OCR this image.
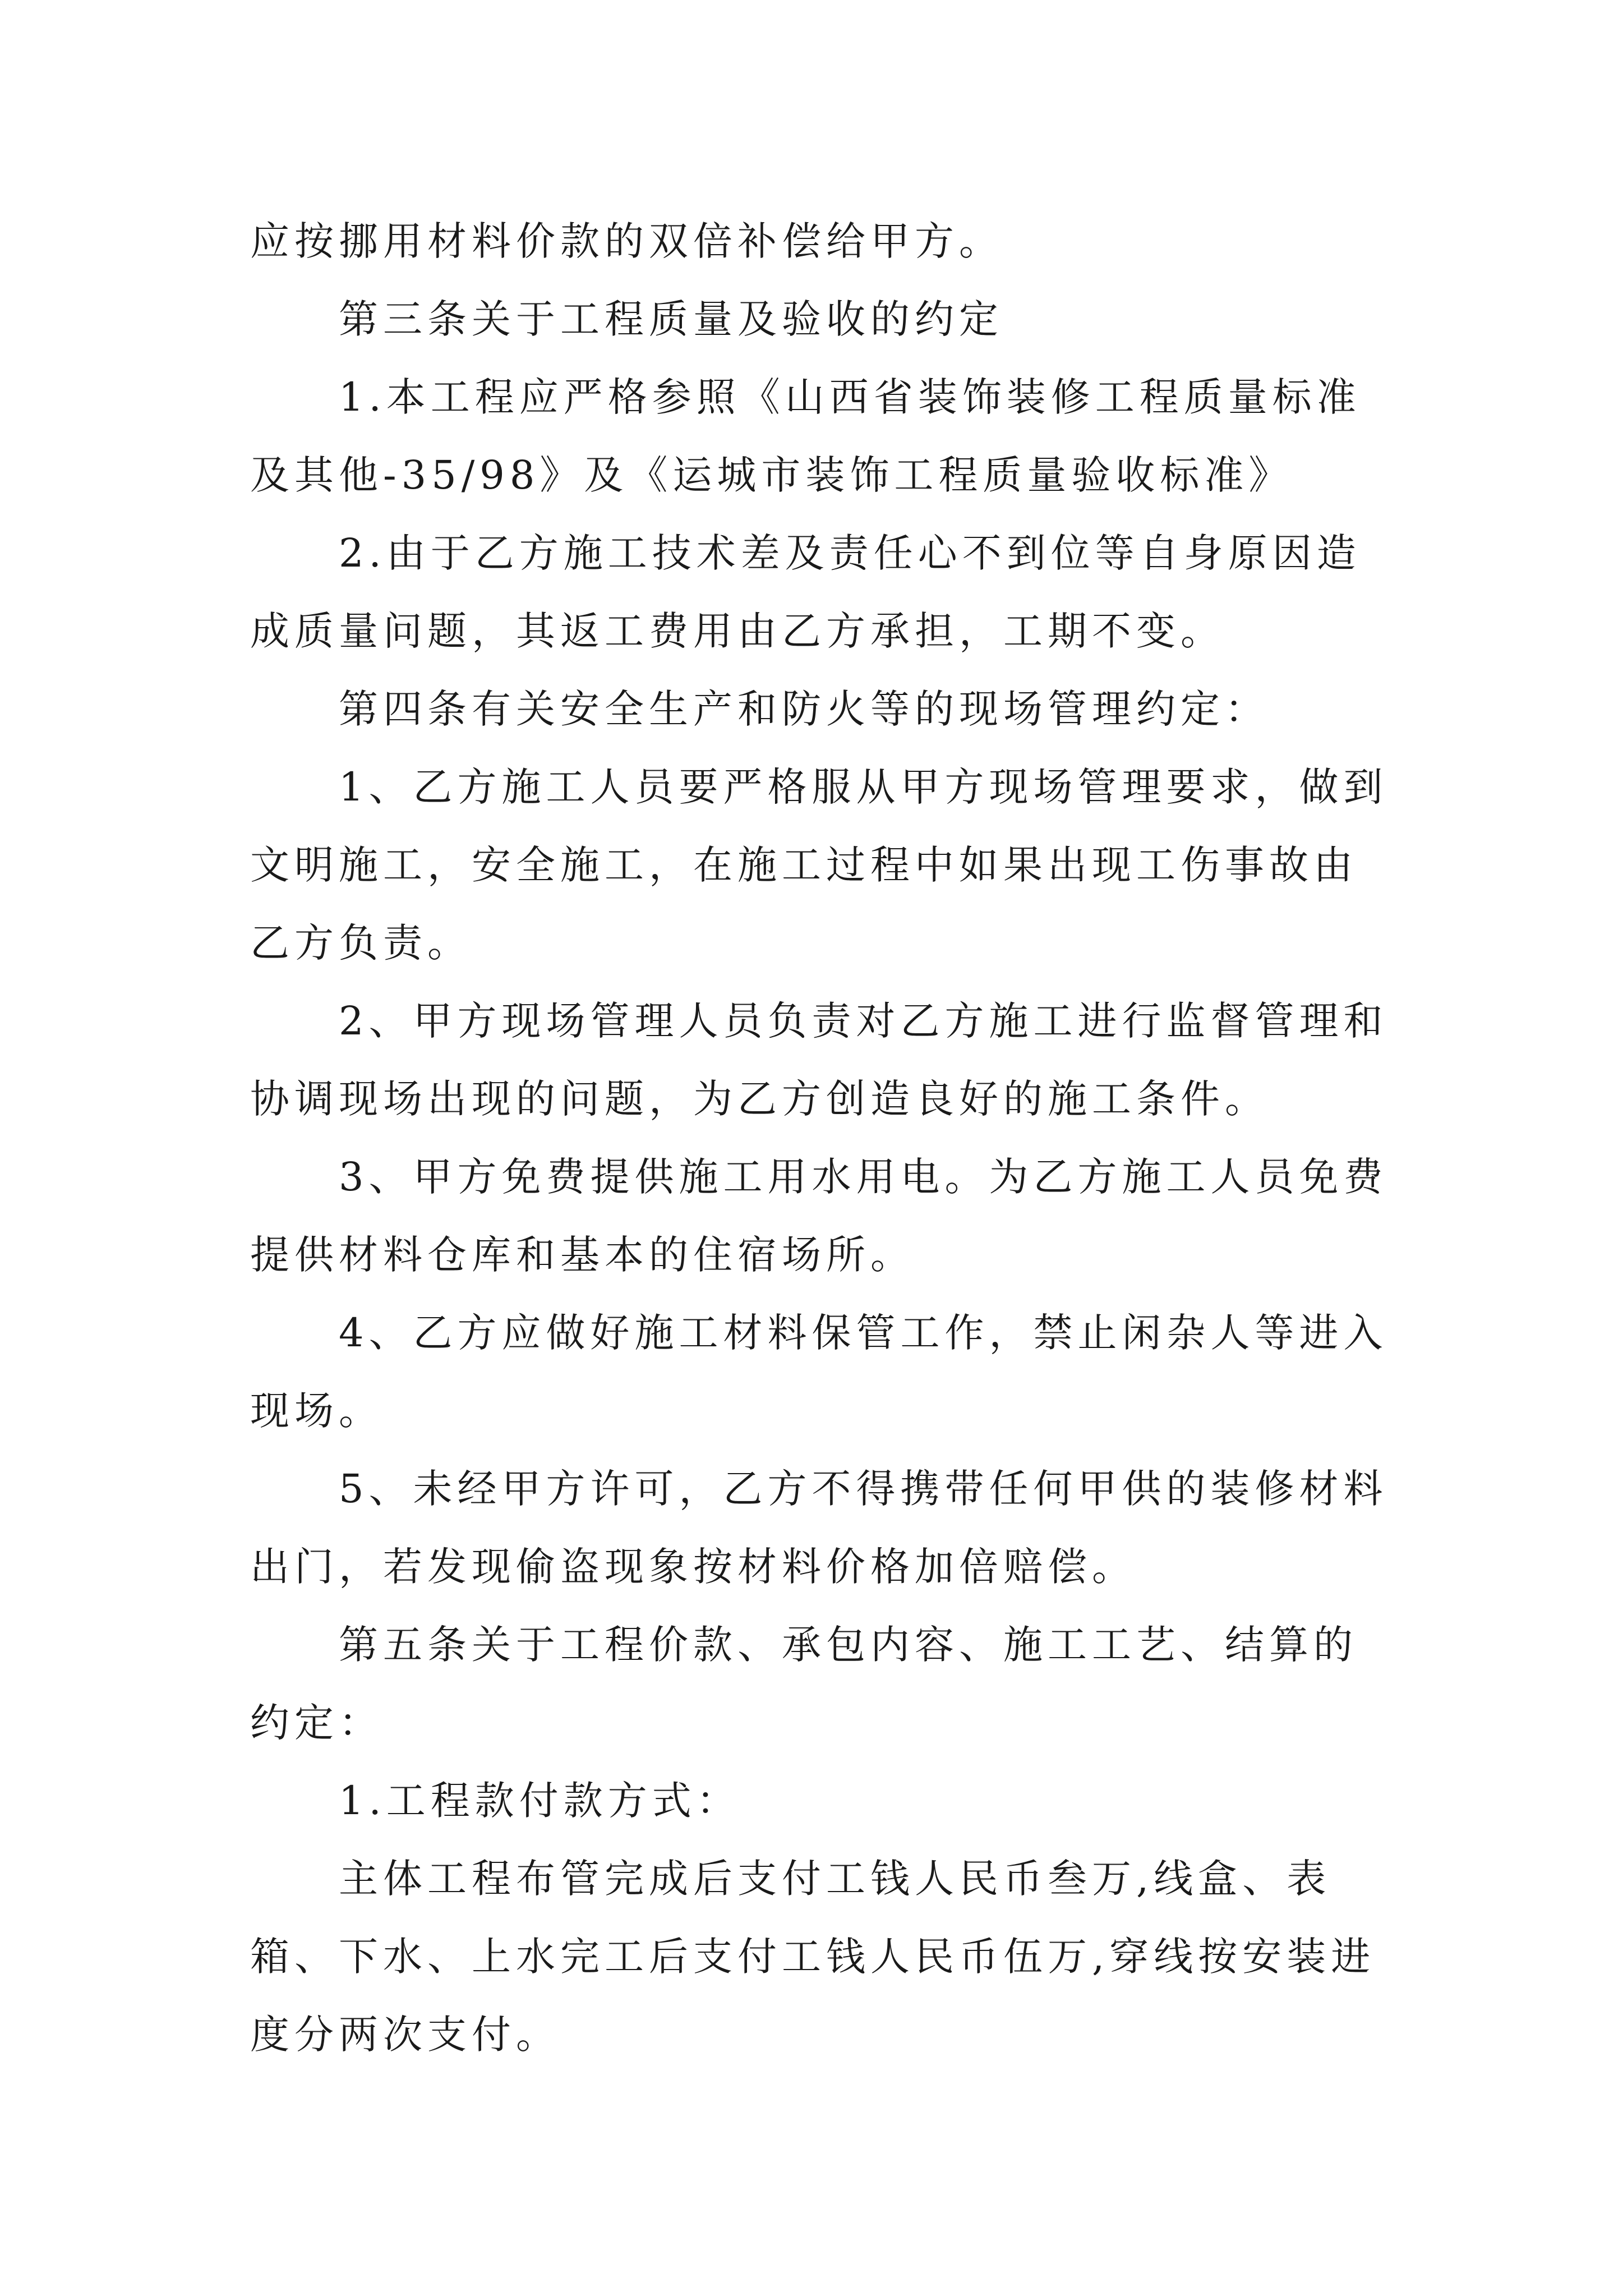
应按挪用材料价款的双倍补偿给甲方。

第三条关于工程质量及验收的约定

1.本工程应严格参照《山西省装饰装修工程质量标准及其他-35/98》及《运城市装饰工程质量验收标准》

2.由于乙方施工技术差及责任心不到位等自身原因造成质量问题，其返工费用由乙方承担，工期不变。

第四条有关安全生产和防火等的现场管理约定：

1、乙方施工人员要严格服从甲方现场管理要求，做到文明施工，安全施工，在施工过程中如果出现工伤事故由乙方负责。

2、甲方现场管理人员负责对乙方施工进行监督管理和协调现场出现的问题，为乙方创造良好的施工条件。

3、甲方免费提供施工用水用电。为乙方施工人员免费提供材料仓库和基本的住宿场所。

4、乙方应做好施工材料保管工作，禁止闲杂人等进入现场。

5、未经甲方许可，乙方不得携带任何甲供的装修材料出门，若发现偷盗现象按材料价格加倍赔偿。

第五条关于工程价款、承包内容、施工工艺、结算的约定：

1.工程款付款方式：

主体工程布管完成后支付工钱人民币叁万,线盒、表箱、下水、上水完工后支付工钱人民币伍万,穿线按安装进度分两次支付。
